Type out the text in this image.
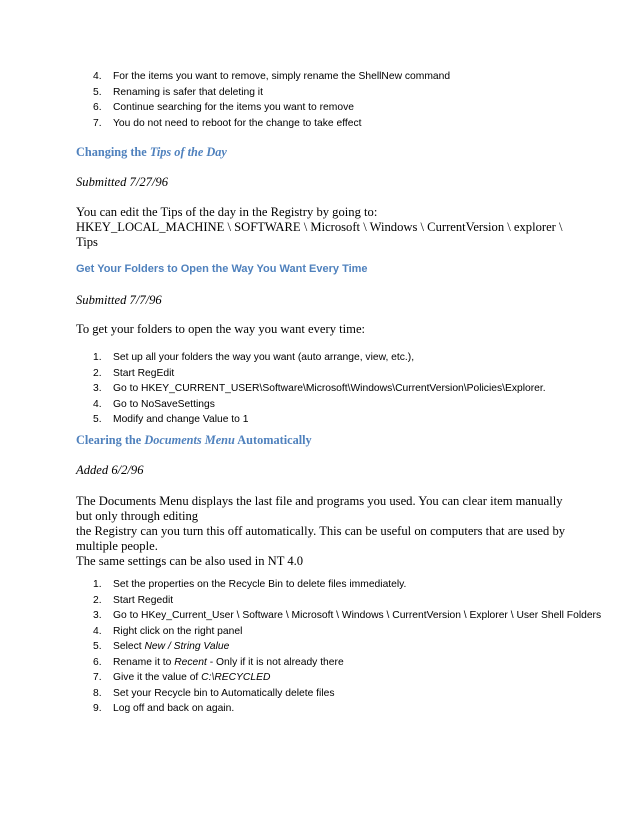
4.	For the items you want to remove, simply rename the ShellNew command
5.	Renaming is safer that deleting it
6.	Continue searching for the items you want to remove
7.	You do not need to reboot for the change to take effect
Changing the Tips of the Day
Submitted 7/27/96
You can edit the Tips of the day in the Registry by going to:
HKEY_LOCAL_MACHINE \ SOFTWARE \ Microsoft \ Windows \ CurrentVersion \ explorer \
Tips
Get Your Folders to Open the Way You Want Every Time
Submitted 7/7/96
To get your folders to open the way you want every time:
1.	Set up all your folders the way you want (auto arrange, view, etc.),
2.	Start RegEdit
3.	Go to HKEY_CURRENT_USER\Software\Microsoft\Windows\CurrentVersion\Policies\Explorer.
4.	Go to NoSaveSettings
5.	Modify and change Value to 1
Clearing the Documents Menu Automatically
Added 6/2/96
The Documents Menu displays the last file and programs you used. You can clear item manually
but only through editing
the Registry can you turn this off automatically. This can be useful on computers that are used by
multiple people.
The same settings can be also used in NT 4.0
1.	Set the properties on the Recycle Bin to delete files immediately.
2.	Start Regedit
3.	Go to HKey_Current_User \ Software \ Microsoft \ Windows \ CurrentVersion \ Explorer \ User Shell Folders
4.	Right click on the right panel
5.	Select New / String Value
6.	Rename it to Recent - Only if it is not already there
7.	Give it the value of C:\RECYCLED
8.	Set your Recycle bin to Automatically delete files
9.	Log off and back on again.
